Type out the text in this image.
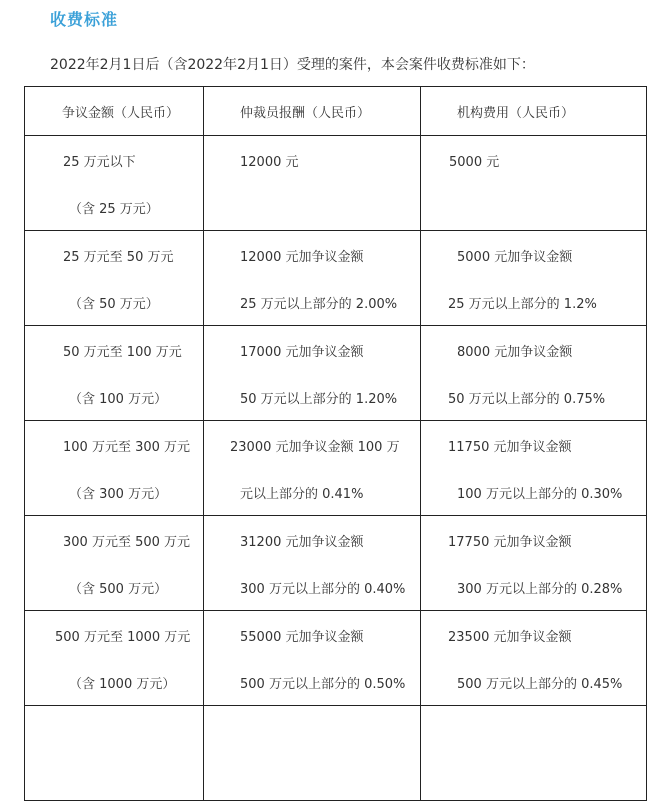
收费标准
2022年2月1日后（含2022年2月1日）受理的案件，本会案件收费标准如下：
争议金额（人民币）	仲裁员报酬（人民币）	机构费用（人民币）

25 万元以下
（含 25 万元）	12000 元	5000 元

25 万元至 50 万元
（含 50 万元）	12000 元加争议金额
25 万元以上部分的 2.00%	5000 元加争议金额
25 万元以上部分的 1.2%

50 万元至 100 万元
（含 100 万元）	17000 元加争议金额
50 万元以上部分的 1.20%	8000 元加争议金额
50 万元以上部分的 0.75%

100 万元至 300 万元
（含 300 万元）	23000 元加争议金额 100 万
元以上部分的 0.41%	11750 元加争议金额
100 万元以上部分的 0.30%

300 万元至 500 万元
（含 500 万元）	31200 元加争议金额
300 万元以上部分的 0.40%	17750 元加争议金额
300 万元以上部分的 0.28%

500 万元至 1000 万元
（含 1000 万元）	55000 元加争议金额
500 万元以上部分的 0.50%	23500 元加争议金额
500 万元以上部分的 0.45%
